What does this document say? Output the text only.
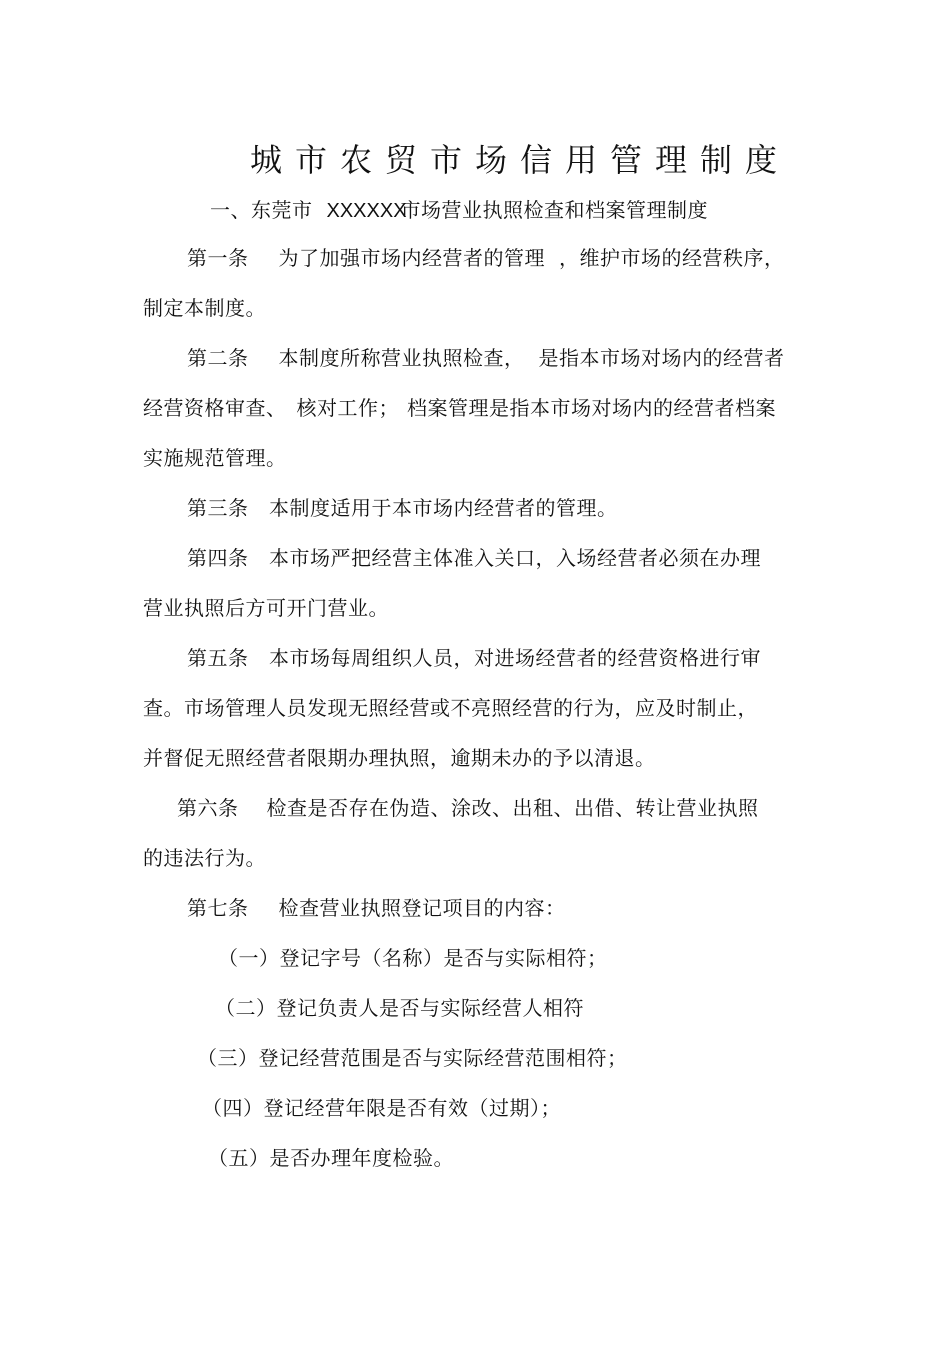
城市农贸市场信用管理制度
一、东莞市 XXXXXX市场营业执照检查和档案管理制度
第一条 为了加强市场内经营者的管理 ，维护市场的经营秩序，
制定本制度。
第二条 本制度所称营业执照检查， 是指本市场对场内的经营者
经营资格审查、 核对工作； 档案管理是指本市场对场内的经营者档案
实施规范管理。
第三条　本制度适用于本市场内经营者的管理。
第四条　本市场严把经营主体准入关口，入场经营者必须在办理
营业执照后方可开门营业。
第五条　本市场每周组织人员，对进场经营者的经营资格进行审
查。市场管理人员发现无照经营或不亮照经营的行为，应及时制止，
并督促无照经营者限期办理执照，逾期未办的予以清退。
第六条 检查是否存在伪造、涂改、出租、出借、转让营业执照
的违法行为。
第七条 检查营业执照登记项目的内容：
（一）登记字号（名称）是否与实际相符；
（二）登记负责人是否与实际经营人相符
（三）登记经营范围是否与实际经营范围相符；
（四）登记经营年限是否有效（过期）；
（五）是否办理年度检验。
